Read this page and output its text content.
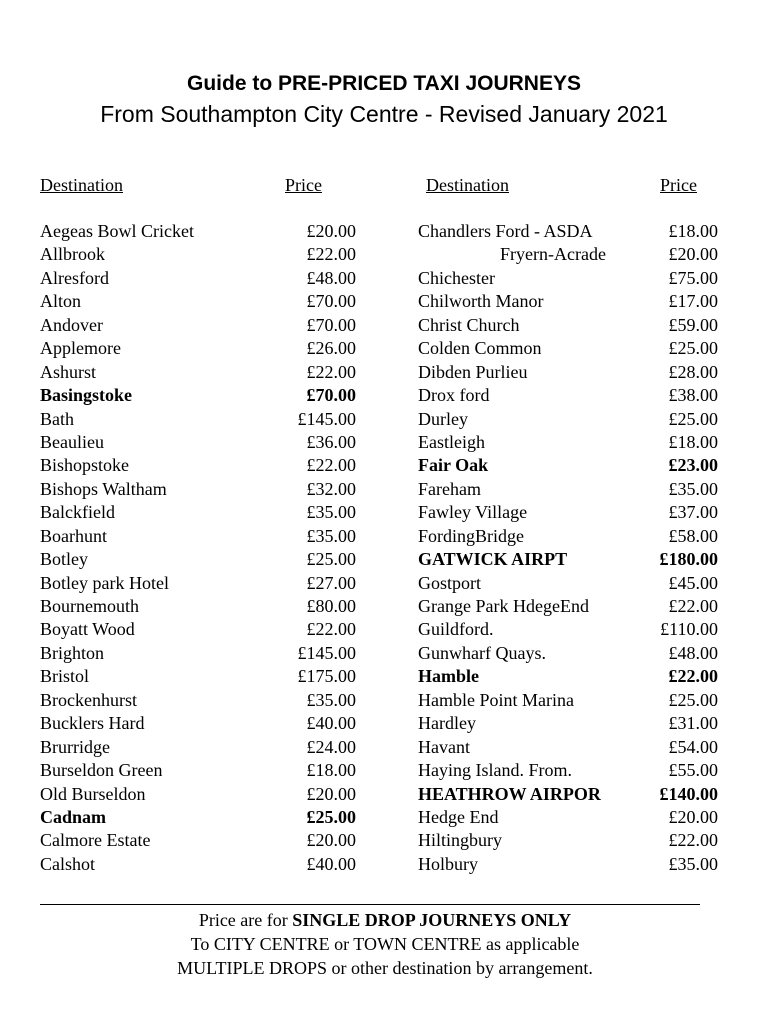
Guide to PRE-PRICED TAXI JOURNEYS
From Southampton City Centre - Revised January 2021
Destination	Price	Destination	Price
Aegeas Bowl Cricket	£20.00
Allbrook	£22.00
Alresford	£48.00
Alton	£70.00
Andover	£70.00
Applemore	£26.00
Ashurst	£22.00
Basingstoke	£70.00
Bath	£145.00
Beaulieu	£36.00
Bishopstoke	£22.00
Bishops Waltham	£32.00
Balckfield	£35.00
Boarhunt	£35.00
Botley	£25.00
Botley park Hotel	£27.00
Bournemouth	£80.00
Boyatt Wood	£22.00
Brighton	£145.00
Bristol	£175.00
Brockenhurst	£35.00
Bucklers Hard	£40.00
Brurridge	£24.00
Burseldon Green	£18.00
Old Burseldon	£20.00
Cadnam	£25.00
Calmore Estate	£20.00
Calshot	£40.00
Chandlers Ford - ASDA	£18.00
Fryern-Acrade	£20.00
Chichester	£75.00
Chilworth Manor	£17.00
Christ Church	£59.00
Colden Common	£25.00
Dibden Purlieu	£28.00
Drox ford	£38.00
Durley	£25.00
Eastleigh	£18.00
Fair Oak	£23.00
Fareham	£35.00
Fawley Village	£37.00
FordingBridge	£58.00
GATWICK AIRPT	£180.00
Gostport	£45.00
Grange Park HdegeEnd	£22.00
Guildford.	£110.00
Gunwharf Quays.	£48.00
Hamble	£22.00
Hamble Point Marina	£25.00
Hardley	£31.00
Havant	£54.00
Haying Island. From.	£55.00
HEATHROW AIRPOR	£140.00
Hedge End	£20.00
Hiltingbury	£22.00
Holbury	£35.00
Price are for SINGLE DROP JOURNEYS ONLY
To CITY CENTRE or TOWN CENTRE as applicable
MULTIPLE DROPS or other destination by arrangement.
